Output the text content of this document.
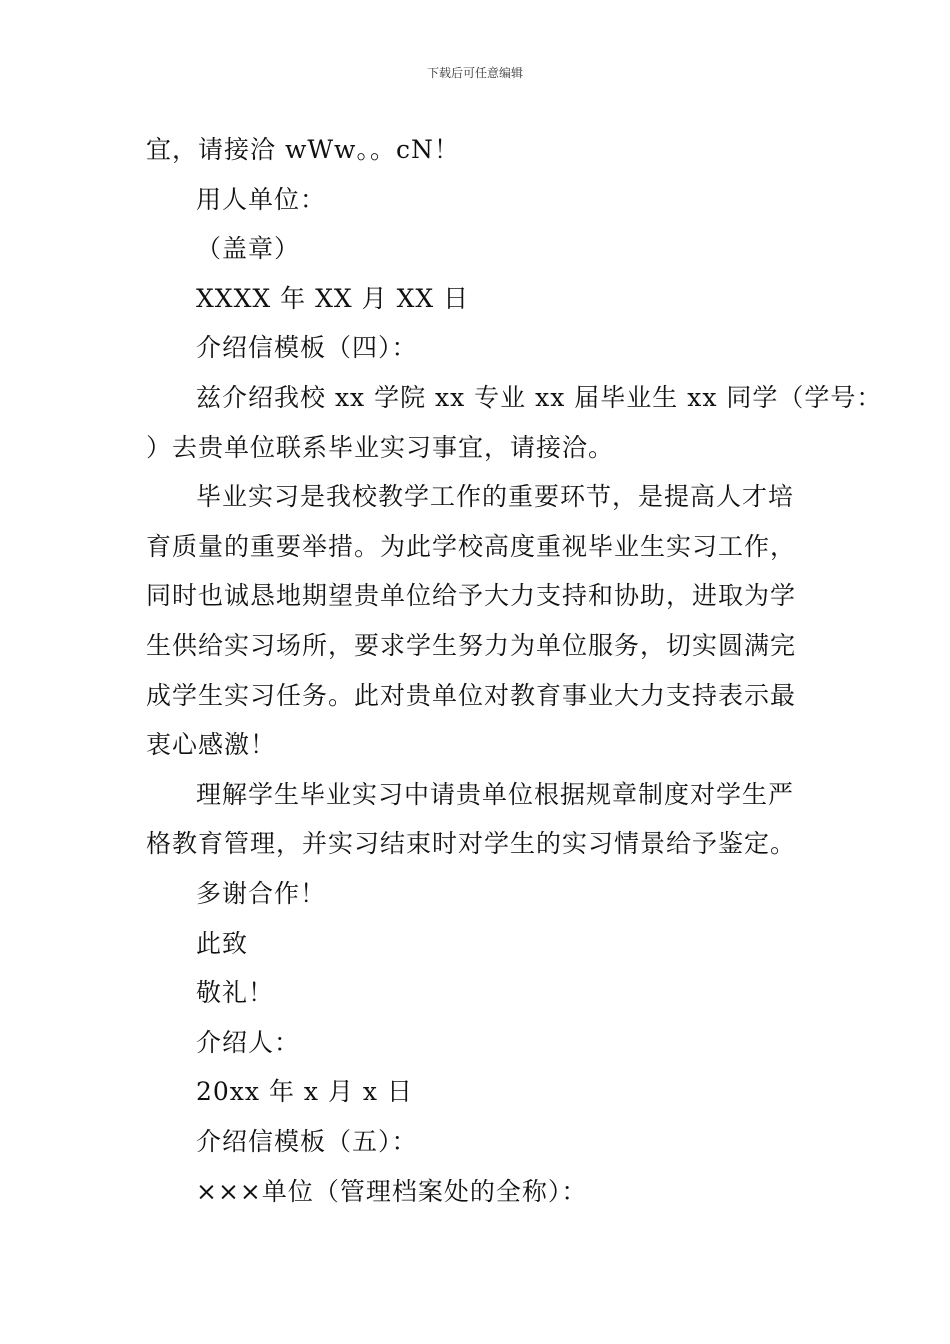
下载后可任意编辑
宜，请接洽 wWw。。cN！
用人单位：
（盖章）
XXXX 年 XX 月 XX 日
介绍信模板（四）：
兹介绍我校 xx 学院 xx 专业 xx 届毕业生 xx 同学（学号：
）去贵单位联系毕业实习事宜，请接洽。
毕业实习是我校教学工作的重要环节，是提高人才培
育质量的重要举措。为此学校高度重视毕业生实习工作，
同时也诚恳地期望贵单位给予大力支持和协助，进取为学
生供给实习场所，要求学生努力为单位服务，切实圆满完
成学生实习任务。此对贵单位对教育事业大力支持表示最
衷心感激！
理解学生毕业实习中请贵单位根据规章制度对学生严
格教育管理，并实习结束时对学生的实习情景给予鉴定。
多谢合作！
此致
敬礼！
介绍人：
20xx 年 x 月 x 日
介绍信模板（五）：
×××单位（管理档案处的全称）：
